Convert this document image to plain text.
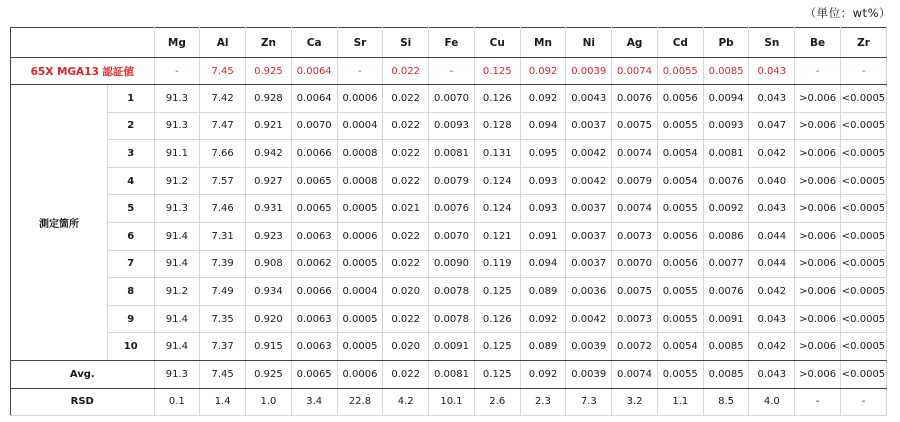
（単位：wt%）
		Mg	Al	Zn	Ca	Sr	Si	Fe	Cu	Mn	Ni	Ag	Cd	Pb	Sn	Be	Zr
65X MGA13 認証値		-	7.45	0.925	0.0064	-	0.022	-	0.125	0.092	0.0039	0.0074	0.0055	0.0085	0.043	-	-
測定箇所	1	91.3	7.42	0.928	0.0064	0.0006	0.022	0.0070	0.126	0.092	0.0043	0.0076	0.0056	0.0094	0.043	>0.006	<0.0005
	2	91.3	7.47	0.921	0.0070	0.0004	0.022	0.0093	0.128	0.094	0.0037	0.0075	0.0055	0.0093	0.047	>0.006	<0.0005
	3	91.1	7.66	0.942	0.0066	0.0008	0.022	0.0081	0.131	0.095	0.0042	0.0074	0.0054	0.0081	0.042	>0.006	<0.0005
	4	91.2	7.57	0.927	0.0065	0.0008	0.022	0.0079	0.124	0.093	0.0042	0.0079	0.0054	0.0076	0.040	>0.006	<0.0005
	5	91.3	7.46	0.931	0.0065	0.0005	0.021	0.0076	0.124	0.093	0.0037	0.0074	0.0055	0.0092	0.043	>0.006	<0.0005
	6	91.4	7.31	0.923	0.0063	0.0006	0.022	0.0070	0.121	0.091	0.0037	0.0073	0.0056	0.0086	0.044	>0.006	<0.0005
	7	91.4	7.39	0.908	0.0062	0.0005	0.022	0.0090	0.119	0.094	0.0037	0.0070	0.0056	0.0077	0.044	>0.006	<0.0005
	8	91.2	7.49	0.934	0.0066	0.0004	0.020	0.0078	0.125	0.089	0.0036	0.0075	0.0055	0.0076	0.042	>0.006	<0.0005
	9	91.4	7.35	0.920	0.0063	0.0005	0.022	0.0078	0.126	0.092	0.0042	0.0073	0.0055	0.0091	0.043	>0.006	<0.0005
	10	91.4	7.37	0.915	0.0063	0.0005	0.020	0.0091	0.125	0.089	0.0039	0.0072	0.0054	0.0085	0.042	>0.006	<0.0005
Avg.		91.3	7.45	0.925	0.0065	0.0006	0.022	0.0081	0.125	0.092	0.0039	0.0074	0.0055	0.0085	0.043	>0.006	<0.0005
RSD		0.1	1.4	1.0	3.4	22.8	4.2	10.1	2.6	2.3	7.3	3.2	1.1	8.5	4.0	-	-
